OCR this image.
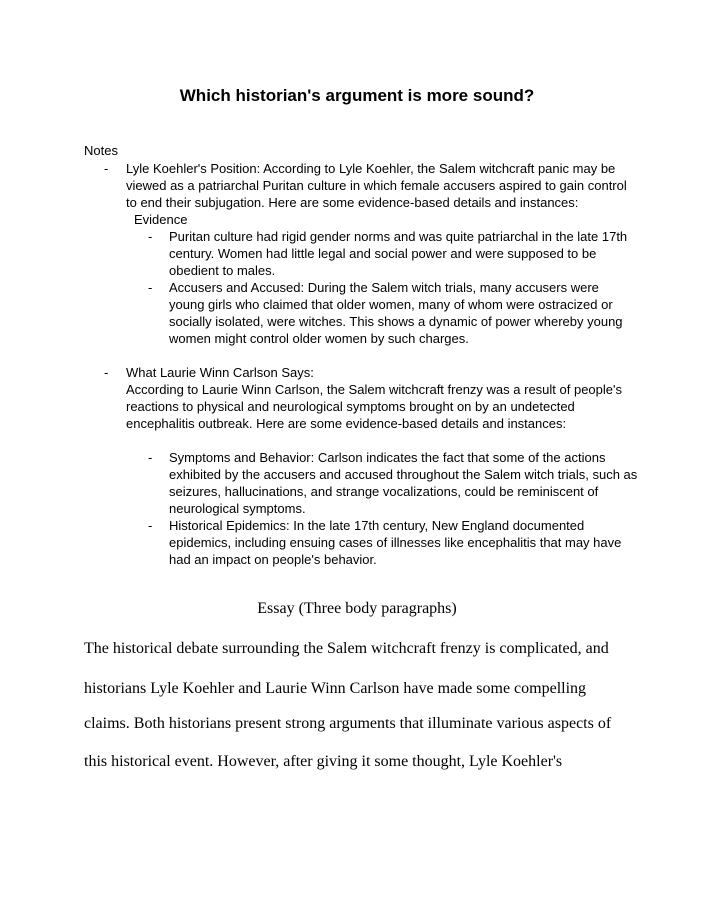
Which historian's argument is more sound?
Notes
- Lyle Koehler's Position: According to Lyle Koehler, the Salem witchcraft panic may be
viewed as a patriarchal Puritan culture in which female accusers aspired to gain control
to end their subjugation. Here are some evidence-based details and instances:
Evidence
- Puritan culture had rigid gender norms and was quite patriarchal in the late 17th
century. Women had little legal and social power and were supposed to be
obedient to males.
- Accusers and Accused: During the Salem witch trials, many accusers were
young girls who claimed that older women, many of whom were ostracized or
socially isolated, were witches. This shows a dynamic of power whereby young
women might control older women by such charges.
- What Laurie Winn Carlson Says:
According to Laurie Winn Carlson, the Salem witchcraft frenzy was a result of people's
reactions to physical and neurological symptoms brought on by an undetected
encephalitis outbreak. Here are some evidence-based details and instances:
- Symptoms and Behavior: Carlson indicates the fact that some of the actions
exhibited by the accusers and accused throughout the Salem witch trials, such as
seizures, hallucinations, and strange vocalizations, could be reminiscent of
neurological symptoms.
- Historical Epidemics: In the late 17th century, New England documented
epidemics, including ensuing cases of illnesses like encephalitis that may have
had an impact on people's behavior.
Essay (Three body paragraphs)
The historical debate surrounding the Salem witchcraft frenzy is complicated, and
historians Lyle Koehler and Laurie Winn Carlson have made some compelling
claims. Both historians present strong arguments that illuminate various aspects of
this historical event. However, after giving it some thought, Lyle Koehler's
